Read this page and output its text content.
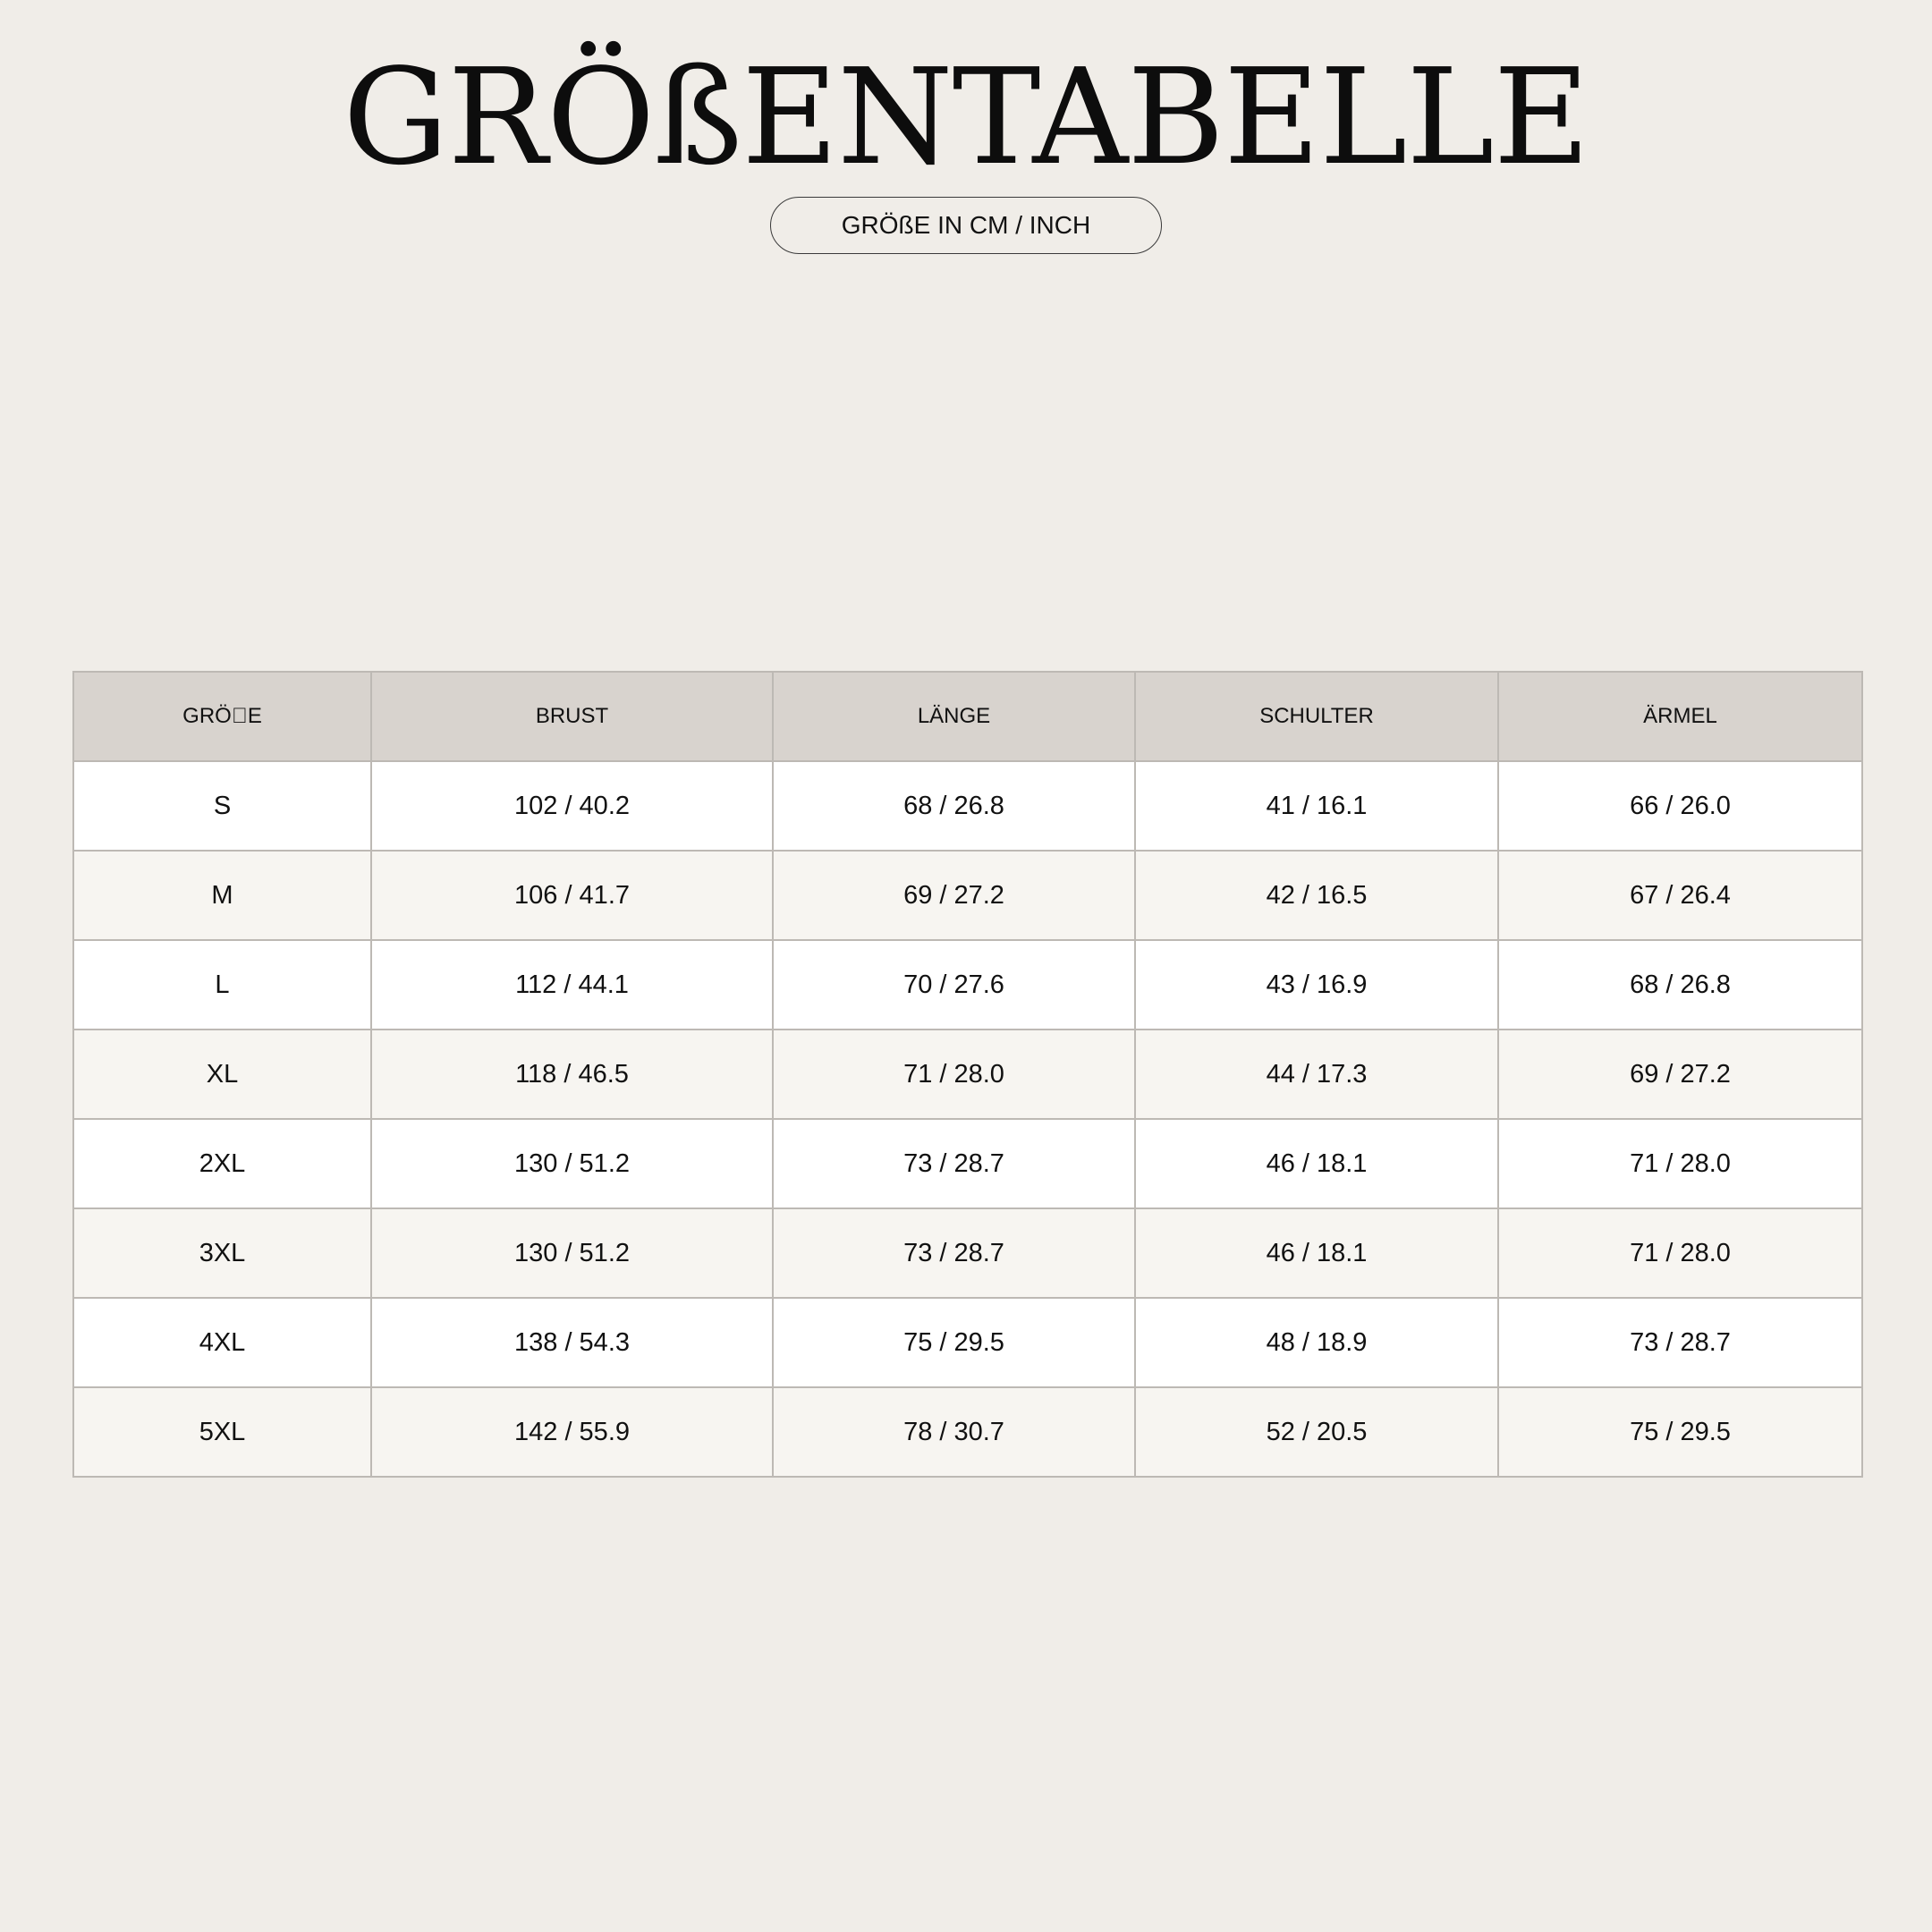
GRÖßENTABELLE
GRÖßE IN CM / INCH
GRÖ⃞E	BRUST	LÄNGE	SCHULTER	ÄRMEL
S	102 / 40.2	68 / 26.8	41 / 16.1	66 / 26.0
M	106 / 41.7	69 / 27.2	42 / 16.5	67 / 26.4
L	112 / 44.1	70 / 27.6	43 / 16.9	68 / 26.8
XL	118 / 46.5	71 / 28.0	44 / 17.3	69 / 27.2
2XL	130 / 51.2	73 / 28.7	46 / 18.1	71 / 28.0
3XL	130 / 51.2	73 / 28.7	46 / 18.1	71 / 28.0
4XL	138 / 54.3	75 / 29.5	48 / 18.9	73 / 28.7
5XL	142 / 55.9	78 / 30.7	52 / 20.5	75 / 29.5
